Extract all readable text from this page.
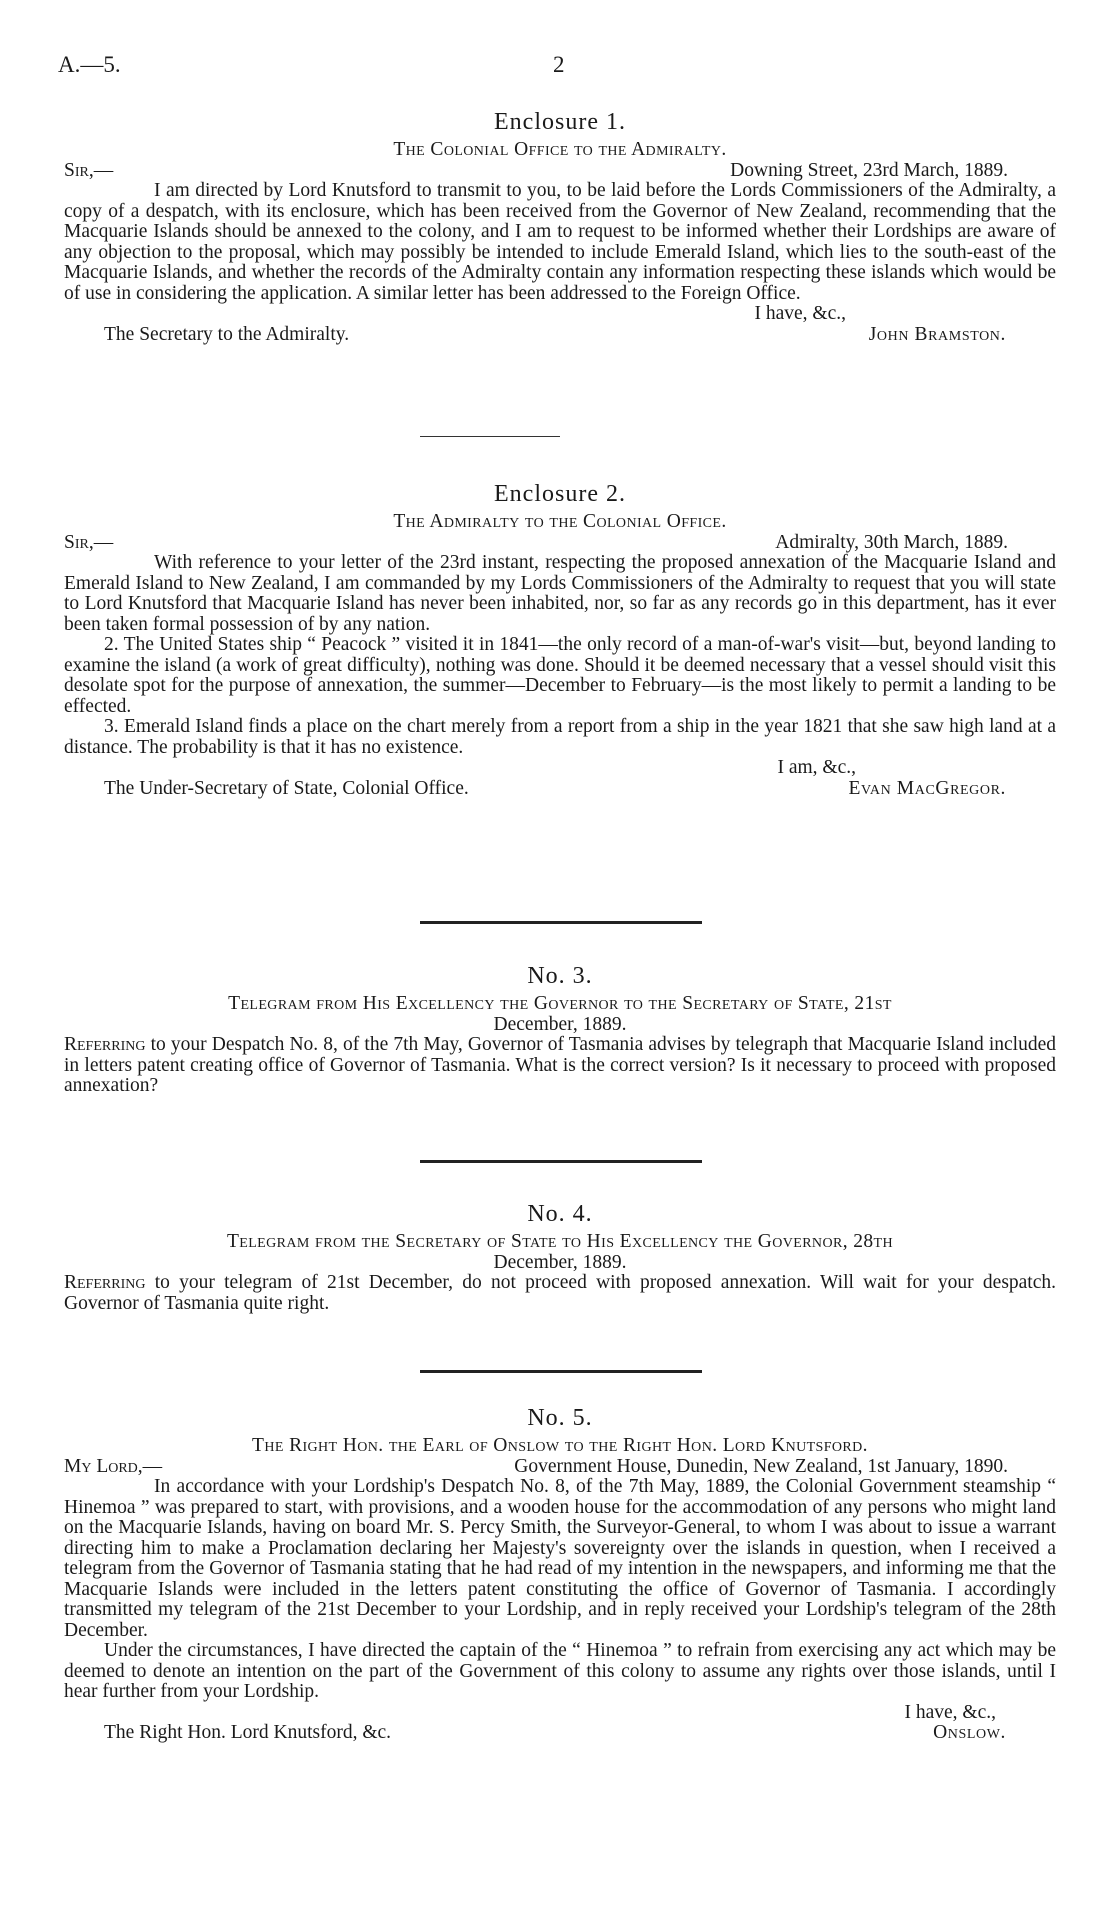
A.—5.	2

Enclosure 1.

The Colonial Office to the Admiralty.

Sir,—	Downing Street, 23rd March, 1889.

I am directed by Lord Knutsford to transmit to you, to be laid before the Lords Commissioners of the Admiralty, a copy of a despatch, with its enclosure, which has been received from the Governor of New Zealand, recommending that the Macquarie Islands should be annexed to the colony, and I am to request to be informed whether their Lordships are aware of any objection to the proposal, which may possibly be intended to include Emerald Island, which lies to the south-east of the Macquarie Islands, and whether the records of the Admiralty contain any information respecting these islands which would be of use in considering the application. A similar letter has been addressed to the Foreign Office.

I have, &c.,

The Secretary to the Admiralty.	John Bramston.

Enclosure 2.

The Admiralty to the Colonial Office.

Sir,—	Admiralty, 30th March, 1889.

With reference to your letter of the 23rd instant, respecting the proposed annexation of the Macquarie Island and Emerald Island to New Zealand, I am commanded by my Lords Commissioners of the Admiralty to request that you will state to Lord Knutsford that Macquarie Island has never been inhabited, nor, so far as any records go in this department, has it ever been taken formal possession of by any nation.

2. The United States ship “ Peacock ” visited it in 1841—the only record of a man-of-war's visit—but, beyond landing to examine the island (a work of great difficulty), nothing was done. Should it be deemed necessary that a vessel should visit this desolate spot for the purpose of annexation, the summer—December to February—is the most likely to permit a landing to be effected.

3. Emerald Island finds a place on the chart merely from a report from a ship in the year 1821 that she saw high land at a distance. The probability is that it has no existence.

I am, &c.,

The Under-Secretary of State, Colonial Office.	Evan MacGregor.

No. 3.

Telegram from His Excellency the Governor to the Secretary of State, 21st

December, 1889.

Referring to your Despatch No. 8, of the 7th May, Governor of Tasmania advises by telegraph that Macquarie Island included in letters patent creating office of Governor of Tasmania. What is the correct version? Is it necessary to proceed with proposed annexation?

No. 4.

Telegram from the Secretary of State to His Excellency the Governor, 28th

December, 1889.

Referring to your telegram of 21st December, do not proceed with proposed annexation. Will wait for your despatch. Governor of Tasmania quite right.

No. 5.

The Right Hon. the Earl of Onslow to the Right Hon. Lord Knutsford.

My Lord,—	Government House, Dunedin, New Zealand, 1st January, 1890.

In accordance with your Lordship's Despatch No. 8, of the 7th May, 1889, the Colonial Government steamship “ Hinemoa ” was prepared to start, with provisions, and a wooden house for the accommodation of any persons who might land on the Macquarie Islands, having on board Mr. S. Percy Smith, the Surveyor-General, to whom I was about to issue a warrant directing him to make a Proclamation declaring her Majesty's sovereignty over the islands in question, when I received a telegram from the Governor of Tasmania stating that he had read of my intention in the newspapers, and informing me that the Macquarie Islands were included in the letters patent constituting the office of Governor of Tasmania. I accordingly transmitted my telegram of the 21st December to your Lordship, and in reply received your Lordship's telegram of the 28th December.

Under the circumstances, I have directed the captain of the “ Hinemoa ” to refrain from exercising any act which may be deemed to denote an intention on the part of the Government of this colony to assume any rights over those islands, until I hear further from your Lordship.

I have, &c.,

The Right Hon. Lord Knutsford, &c.	Onslow.
